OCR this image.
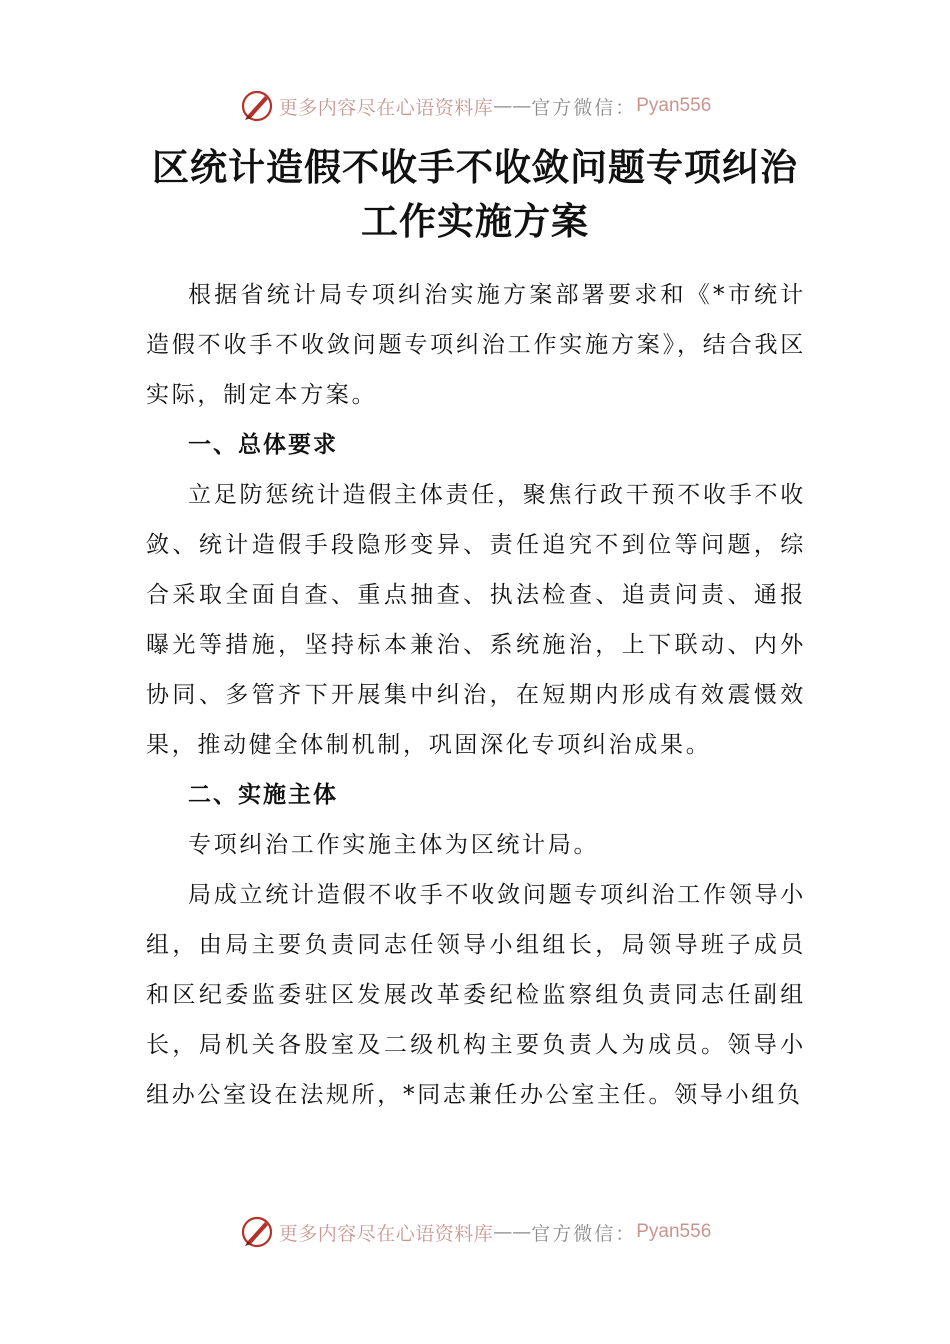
更多内容尽在心语资料库 —— 官方微信： Pyan556
区统计造假不收手不收敛问题专项纠治工作实施方案

根据省统计局专项纠治实施方案部署要求和《*市统计造假不收手不收敛问题专项纠治工作实施方案》，结合我区实际，制定本方案。

一、总体要求

立足防惩统计造假主体责任，聚焦行政干预不收手不收敛、统计造假手段隐形变异、责任追究不到位等问题，综合采取全面自查、重点抽查、执法检查、追责问责、通报曝光等措施，坚持标本兼治、系统施治，上下联动、内外协同、多管齐下开展集中纠治，在短期内形成有效震慑效果，推动健全体制机制，巩固深化专项纠治成果。

二、实施主体

专项纠治工作实施主体为区统计局。

局成立统计造假不收手不收敛问题专项纠治工作领导小组，由局主要负责同志任领导小组组长，局领导班子成员和区纪委监委驻区发展改革委纪检监察组负责同志任副组长，局机关各股室及二级机构主要负责人为成员。领导小组办公室设在法规所，*同志兼任办公室主任。领导小组负

更多内容尽在心语资料库 —— 官方微信： Pyan556
